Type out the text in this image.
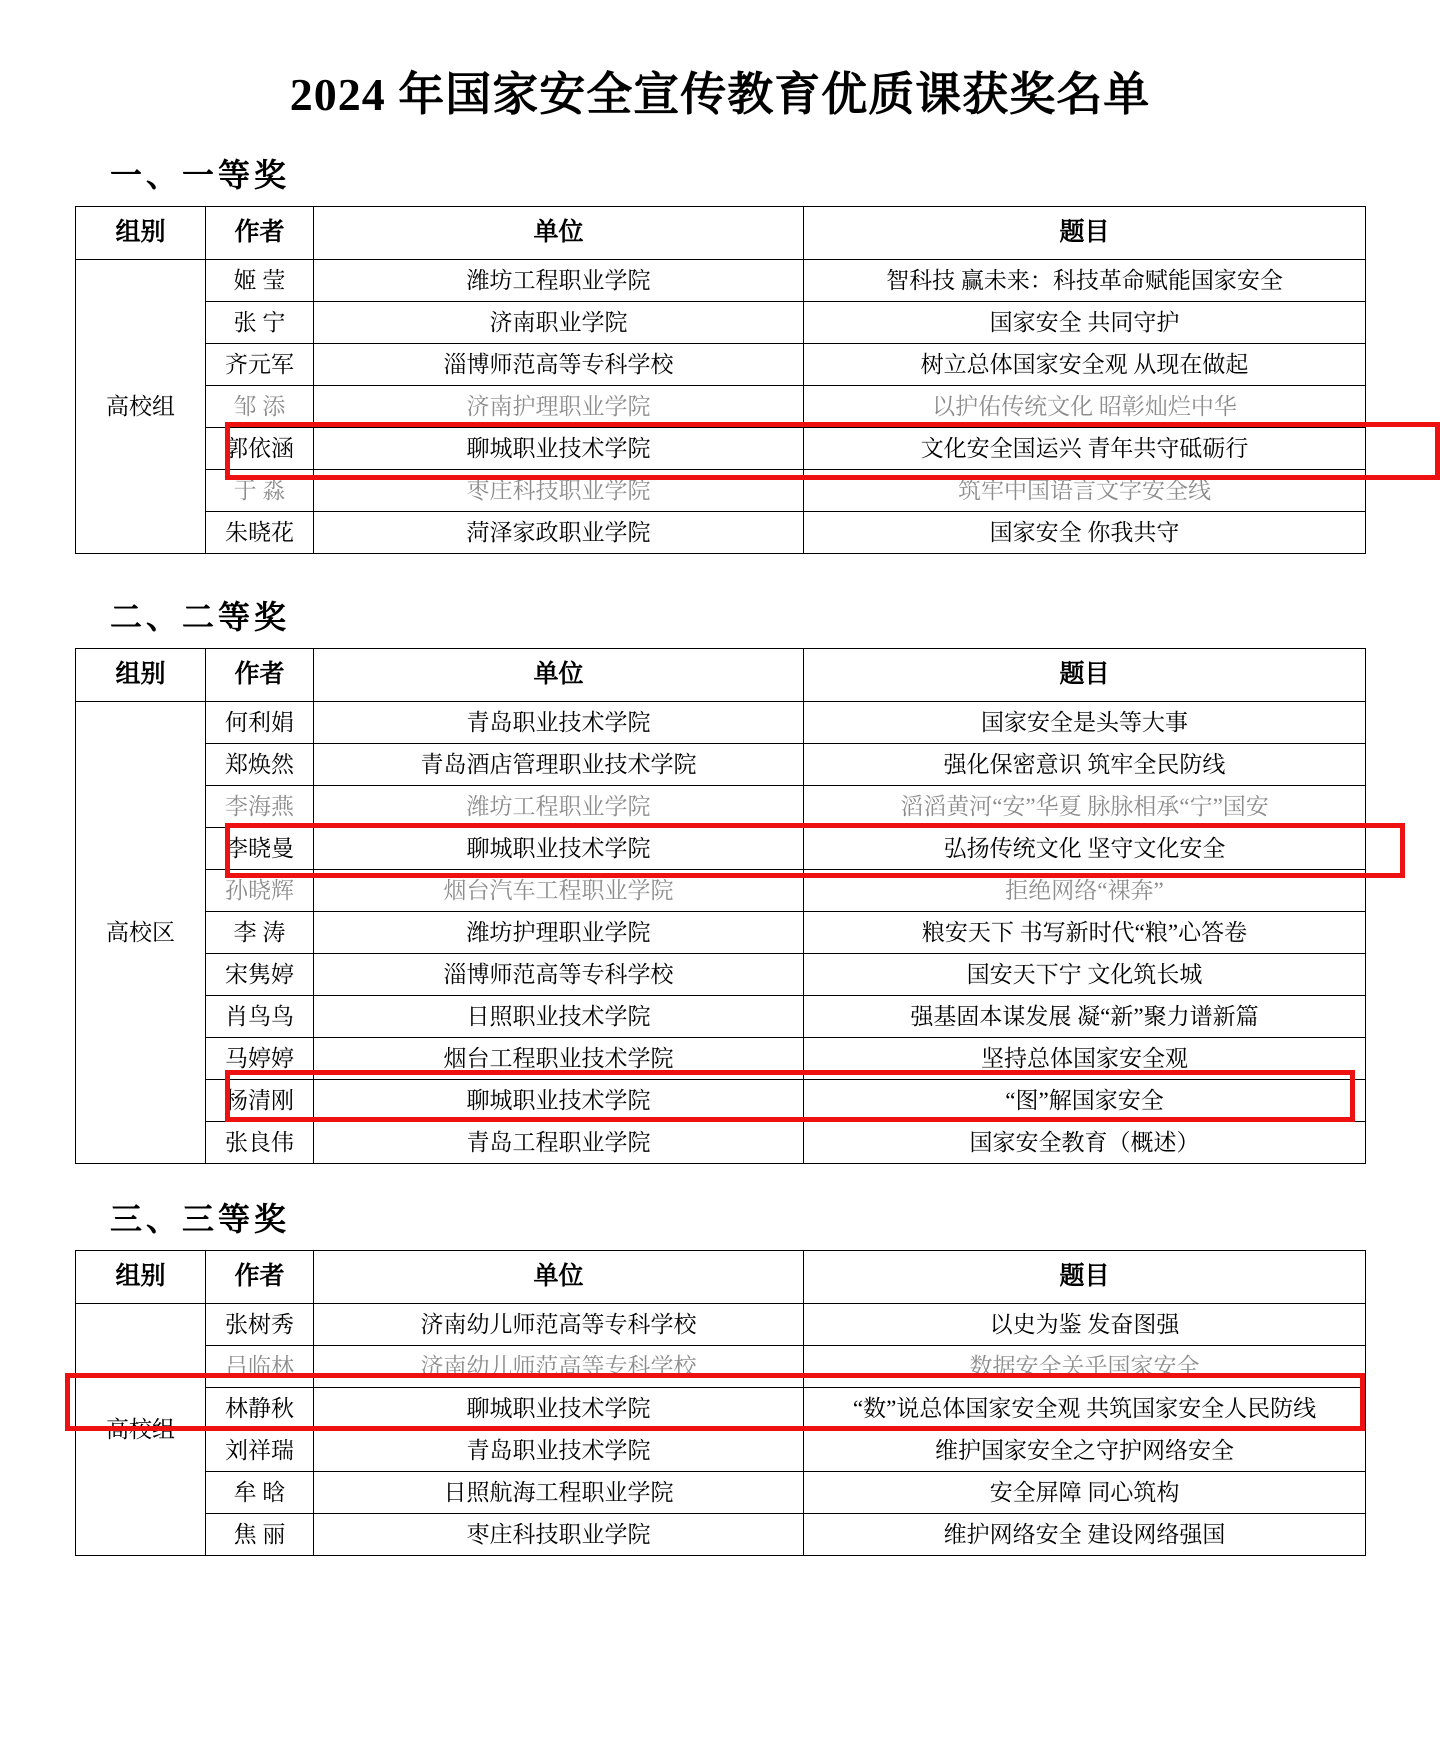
2024 年国家安全宣传教育优质课获奖名单
一、一等奖
组别	作者	单位	题目
高校组	姬 莹	潍坊工程职业学院	智科技 赢未来：科技革命赋能国家安全
	张 宁	济南职业学院	国家安全 共同守护
	齐元军	淄博师范高等专科学校	树立总体国家安全观 从现在做起
	邹 添	济南护理职业学院	以护佑传统文化 昭彰灿烂中华
	郭依涵	聊城职业技术学院	文化安全国运兴 青年共守砥砺行
	于 淼	枣庄科技职业学院	筑牢中国语言文字安全线
	朱晓花	菏泽家政职业学院	国家安全 你我共守
二、二等奖
组别	作者	单位	题目
高校区	何利娟	青岛职业技术学院	国家安全是头等大事
	郑焕然	青岛酒店管理职业技术学院	强化保密意识 筑牢全民防线
	李海燕	潍坊工程职业学院	滔滔黄河“安”华夏 脉脉相承“宁”国安
	李晓曼	聊城职业技术学院	弘扬传统文化 坚守文化安全
	孙晓辉	烟台汽车工程职业学院	拒绝网络“裸奔”
	李 涛	潍坊护理职业学院	粮安天下 书写新时代“粮”心答卷
	宋隽婷	淄博师范高等专科学校	国安天下宁 文化筑长城
	肖鸟鸟	日照职业技术学院	强基固本谋发展 凝“新”聚力谱新篇
	马婷婷	烟台工程职业技术学院	坚持总体国家安全观
	杨清刚	聊城职业技术学院	“图”解国家安全
	张良伟	青岛工程职业学院	国家安全教育（概述）
三、三等奖
组别	作者	单位	题目
高校组	张树秀	济南幼儿师范高等专科学校	以史为鉴 发奋图强
	吕临林	济南幼儿师范高等专科学校	数据安全关乎国家安全
	林静秋	聊城职业技术学院	“数”说总体国家安全观 共筑国家安全人民防线
	刘祥瑞	青岛职业技术学院	维护国家安全之守护网络安全
	牟 晗	日照航海工程职业学院	安全屏障 同心筑构
	焦 丽	枣庄科技职业学院	维护网络安全 建设网络强国
